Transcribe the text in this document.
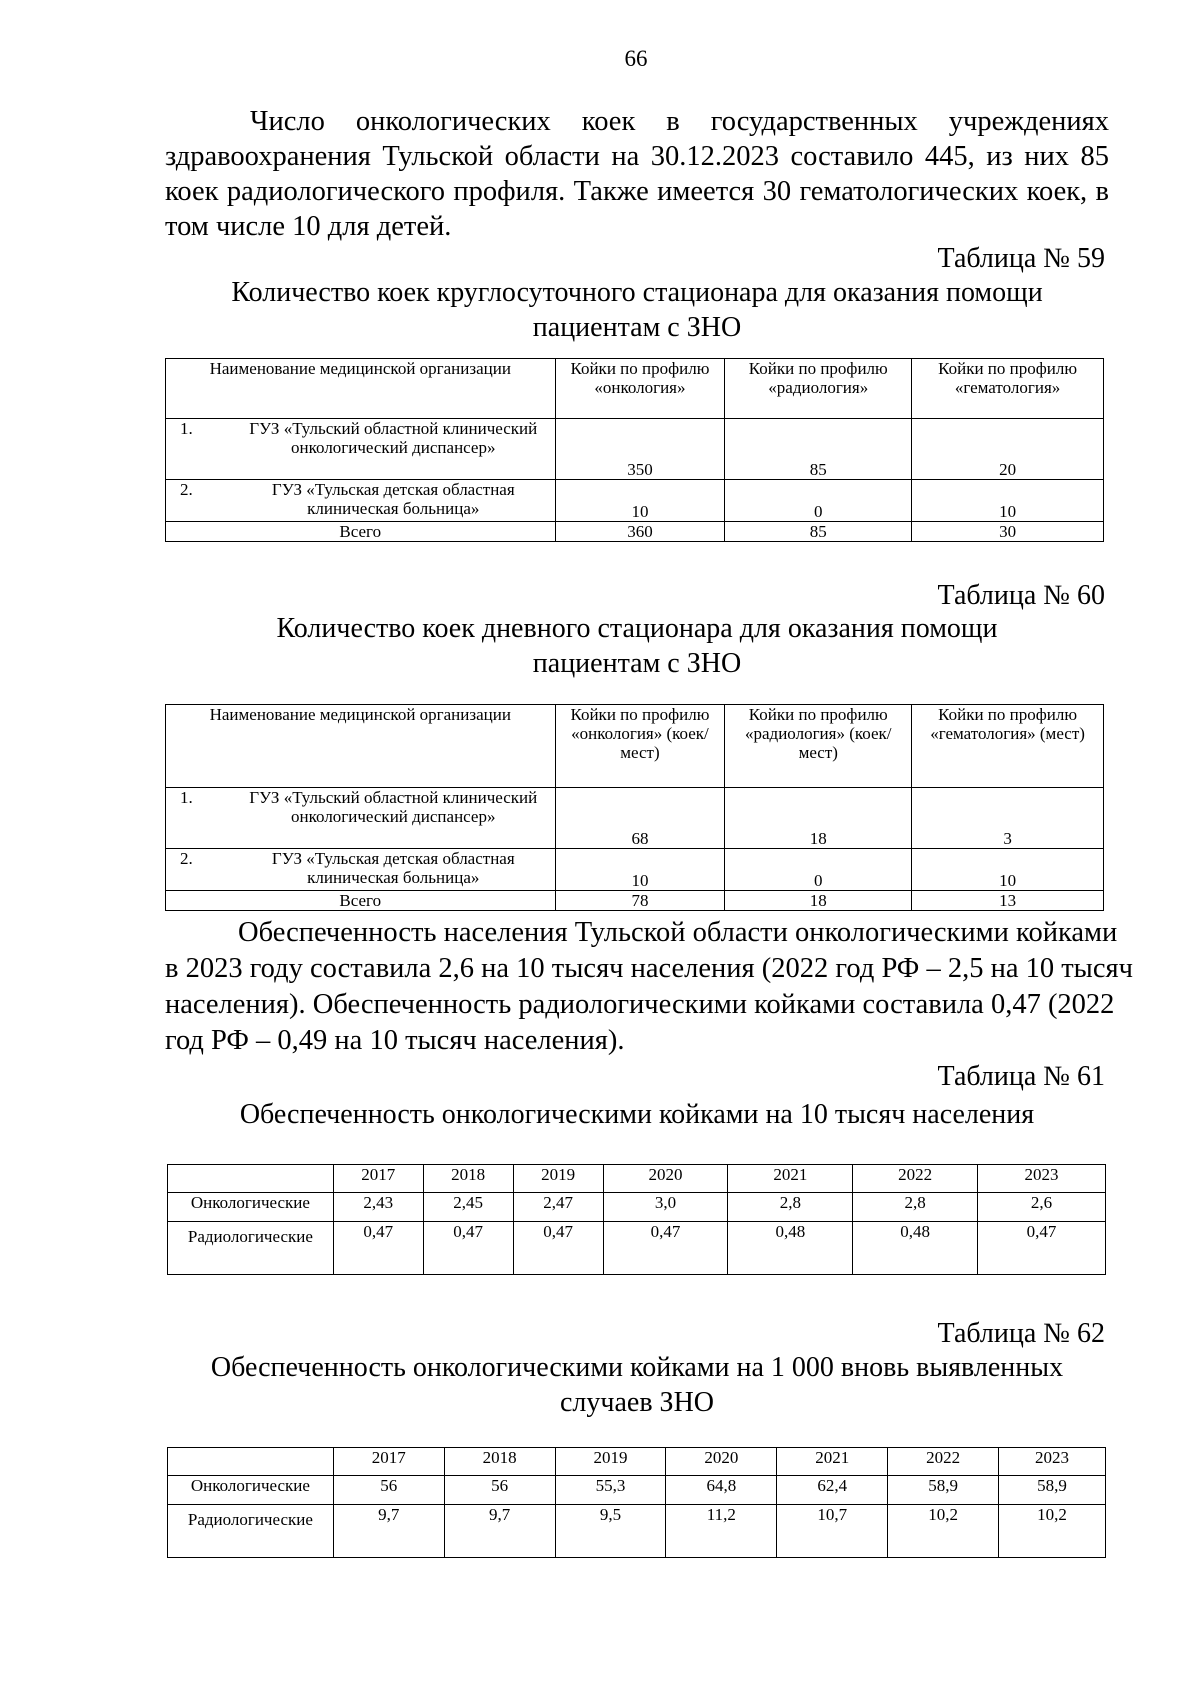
66
Число онкологических коек в государственных учреждениях
здравоохранения Тульской области на 30.12.2023 составило 445, из них 85
коек радиологического профиля. Также имеется 30 гематологических коек, в
том числе 10 для детей.
Таблица № 59
Количество коек круглосуточного стационара для оказания помощи
пациентам с ЗНО
Наименование медицинской организации	Койки по профилю «онкология»	Койки по профилю «радиология»	Койки по профилю «гематология»

1. ГУЗ «Тульский областной клинический онкологический диспансер»	350	85	20

2. ГУЗ «Тульская детская областная клиническая больница»	10	0	10
Всего	360	85	30
Таблица № 60
Количество коек дневного стационара для оказания помощи
пациентам с ЗНО
Наименование медицинской организации	Койки по профилю «онкология» (коек/мест)	Койки по профилю «радиология» (коек/мест)	Койки по профилю «гематология» (мест)

1. ГУЗ «Тульский областной клинический онкологический диспансер»	68	18	3

2. ГУЗ «Тульская детская областная клиническая больница»	10	0	10
Всего	78	18	13
Обеспеченность населения Тульской области онкологическими койками
в 2023 году составила 2,6 на 10 тысяч населения (2022 год РФ – 2,5 на 10 тысяч
населения). Обеспеченность радиологическими койками составила 0,47 (2022
год РФ – 0,49 на 10 тысяч населения).
Таблица № 61
Обеспеченность онкологическими койками на 10 тысяч населения
	2017	2018	2019	2020	2021	2022	2023
Онкологические	2,43	2,45	2,47	3,0	2,8	2,8	2,6
Радиологические	0,47	0,47	0,47	0,47	0,48	0,48	0,47
Таблица № 62
Обеспеченность онкологическими койками на 1 000 вновь выявленных
случаев ЗНО
	2017	2018	2019	2020	2021	2022	2023
Онкологические	56	56	55,3	64,8	62,4	58,9	58,9
Радиологические	9,7	9,7	9,5	11,2	10,7	10,2	10,2
